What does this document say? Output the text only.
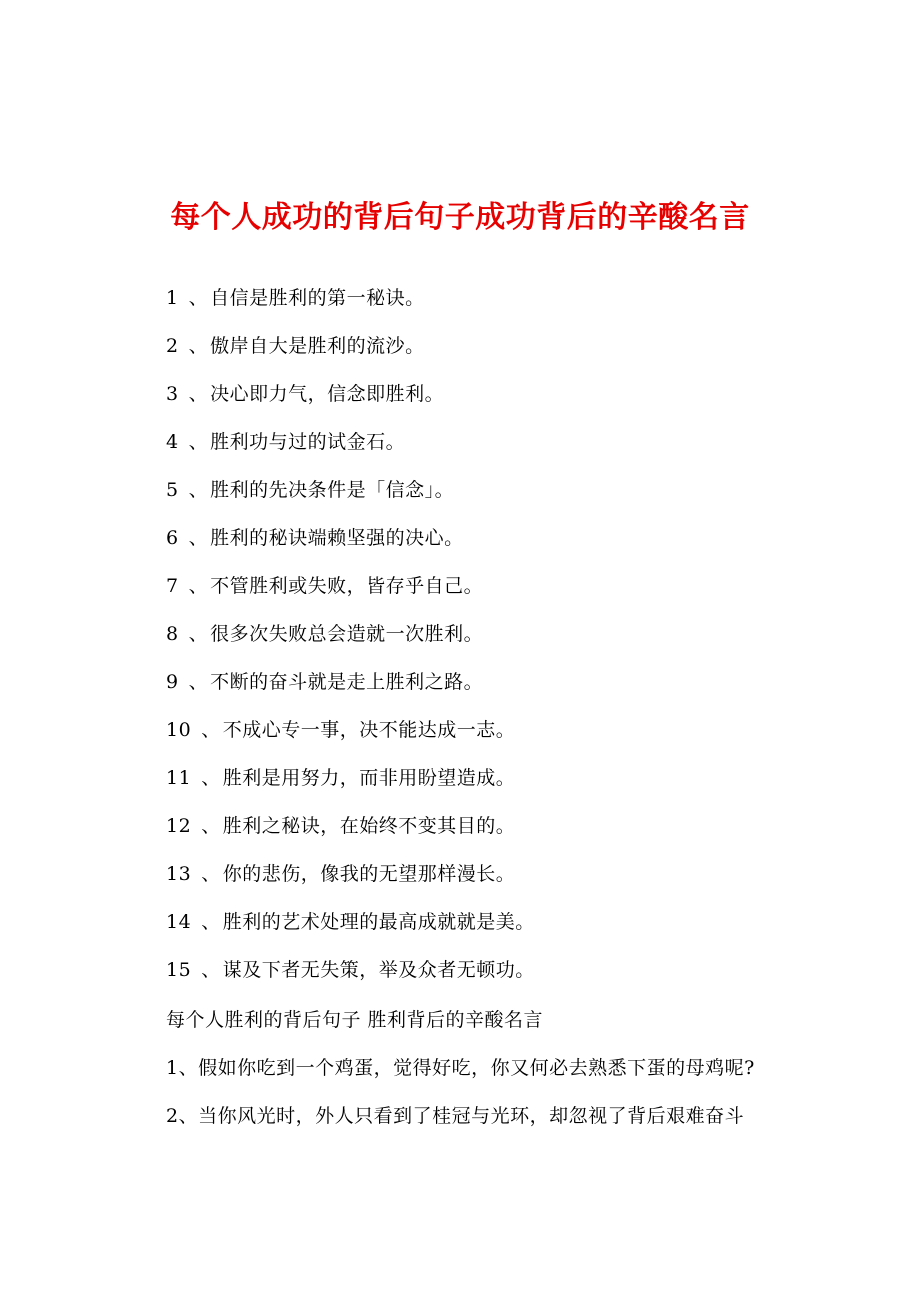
每个人成功的背后句子成功背后的辛酸名言
1 、 自信是胜利的第一秘诀。
2 、 傲岸自大是胜利的流沙。
3 、 决心即力气，信念即胜利。
4 、 胜利功与过的试金石。
5 、 胜利的先决条件是「信念」。
6 、 胜利的秘诀端赖坚强的决心。
7 、 不管胜利或失败，皆存乎自己。
8 、 很多次失败总会造就一次胜利。
9 、 不断的奋斗就是走上胜利之路。
10 、 不成心专一事，决不能达成一志。
11 、 胜利是用努力，而非用盼望造成。
12 、 胜利之秘诀，在始终不变其目的。
13 、 你的悲伤，像我的无望那样漫长。
14 、 胜利的艺术处理的最高成就就是美。
15 、 谋及下者无失策，举及众者无顿功。
每个人胜利的背后句子 胜利背后的辛酸名言
1、假如你吃到一个鸡蛋，觉得好吃，你又何必去熟悉下蛋的母鸡呢?
2、当你风光时，外人只看到了桂冠与光环，却忽视了背后艰难奋斗
